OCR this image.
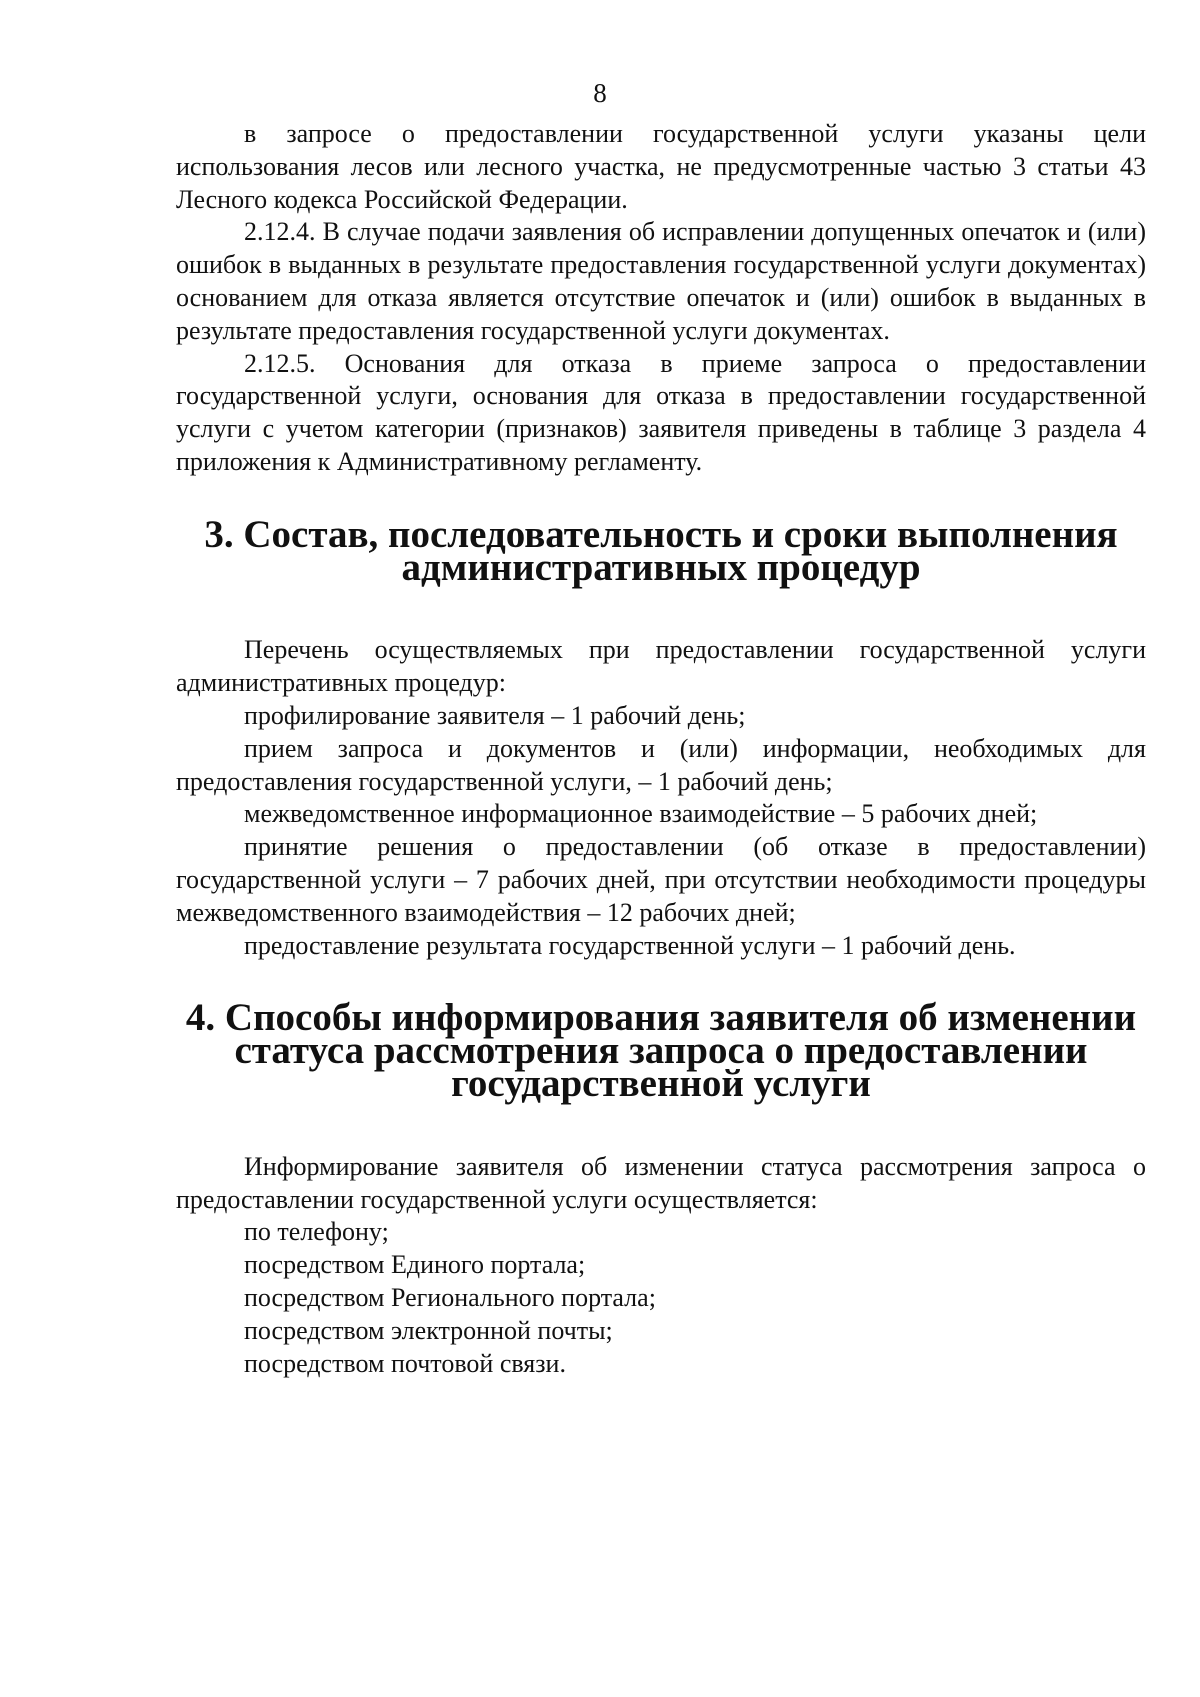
8

в запросе о предоставлении государственной услуги указаны цели использования лесов или лесного участка, не предусмотренные частью 3 статьи 43 Лесного кодекса Российской Федерации.

2.12.4. В случае подачи заявления об исправлении допущенных опечаток и (или) ошибок в выданных в результате предоставления государственной услуги документах) основанием для отказа является отсутствие опечаток и (или) ошибок в выданных в результате предоставления государственной услуги документах.

2.12.5. Основания для отказа в приеме запроса о предоставлении государственной услуги, основания для отказа в предоставлении государственной услуги с учетом категории (признаков) заявителя приведены в таблице 3 раздела 4 приложения к Административному регламенту.

3. Состав, последовательность и сроки выполнения
административных процедур

Перечень осуществляемых при предоставлении государственной услуги административных процедур:

профилирование заявителя – 1 рабочий день;

прием запроса и документов и (или) информации, необходимых для предоставления государственной услуги, – 1 рабочий день;

межведомственное информационное взаимодействие – 5 рабочих дней;

принятие решения о предоставлении (об отказе в предоставлении) государственной услуги – 7 рабочих дней, при отсутствии необходимости процедуры межведомственного взаимодействия – 12 рабочих дней;

предоставление результата государственной услуги – 1 рабочий день.

4. Способы информирования заявителя об изменении
статуса рассмотрения запроса о предоставлении
государственной услуги

Информирование заявителя об изменении статуса рассмотрения запроса о предоставлении государственной услуги осуществляется:

по телефону;

посредством Единого портала;

посредством Регионального портала;

посредством электронной почты;

посредством почтовой связи.
